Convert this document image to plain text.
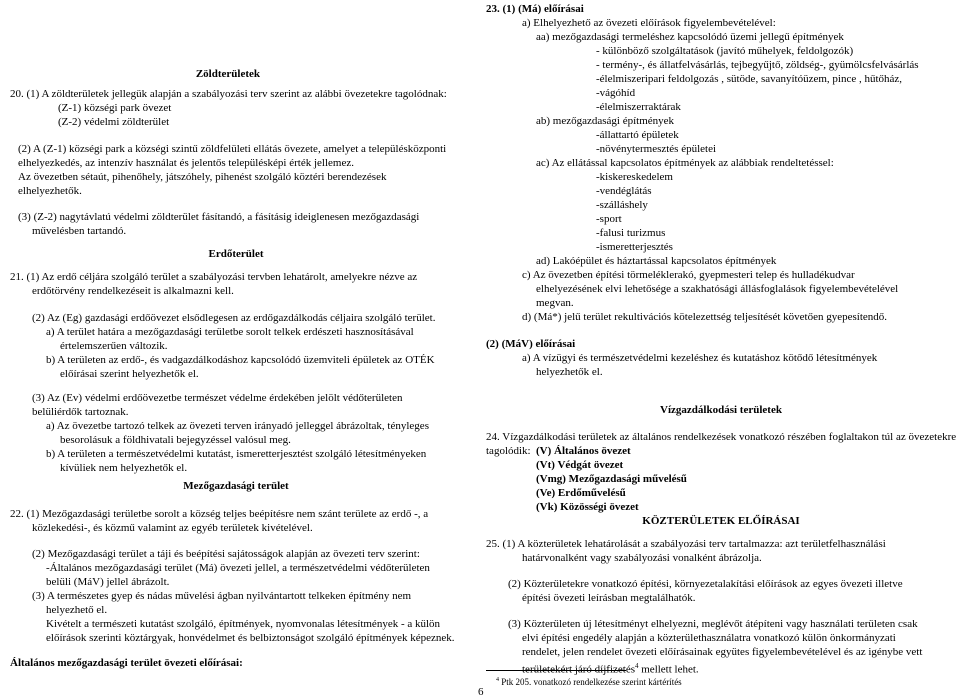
Zöldterületek
20. (1) A zöldterületek jellegük alapján a szabályozási terv szerint az alábbi övezetekre tagolódnak:
(Z-1) községi park övezet
(Z-2) védelmi zöldterület
(2) A (Z-1) községi park a községi szintű zöldfelületi ellátás övezete, amelyet a településközponti
elhelyezkedés, az intenzív használat és jelentős településképi érték jellemez.
Az övezetben sétaút, pihenőhely, játszóhely, pihenést szolgáló köztéri berendezések
elhelyezhetők.
(3) (Z-2) nagytávlatú védelmi zöldterület fásítandó, a fásításig ideiglenesen mezőgazdasági
művelésben tartandó.
Erdőterület
21. (1) Az erdő céljára szolgáló terület a szabályozási tervben lehatárolt, amelyekre nézve az
erdőtörvény rendelkezéseit is alkalmazni kell.
(2) Az (Eg) gazdasági erdőövezet elsődlegesen az erdőgazdálkodás céljaira szolgáló terület.
a) A terület határa a mezőgazdasági területbe sorolt telkek erdészeti hasznosításával
értelemszerűen változik.
b) A területen az erdő-, és vadgazdálkodáshoz kapcsolódó üzemviteli épületek az OTÉK
előírásai szerint helyezhetők el.
(3) Az (Ev) védelmi erdőövezetbe természet védelme érdekében jelölt védőterületen
belüliérdők tartoznak.
a) Az övezetbe tartozó telkek az övezeti terven irányadó jelleggel ábrázoltak, tényleges
besorolásuk a földhivatali bejegyzéssel valósul meg.
b) A területen a természetvédelmi kutatást, ismeretterjesztést szolgáló létesítményeken
kívüliek nem helyezhetők el.
Mezőgazdasági terület
22. (1) Mezőgazdasági területbe sorolt a község teljes beépítésre nem szánt területe az erdő -, a
közlekedési-, és közmű valamint az egyéb területek kivételével.
(2) Mezőgazdasági terület a táji és beépítési sajátosságok alapján az övezeti terv szerint:
-Általános mezőgazdasági terület (Má) övezeti jellel, a természetvédelmi védőterületen
belüli (MáV) jellel ábrázolt.
(3) A természetes gyep és nádas művelési ágban nyilvántartott telkeken építmény nem
helyezhető el.
Kivételt a természeti kutatást szolgáló, építmények, nyomvonalas létesítmények - a külön
előírások szerinti köztárgyak, honvédelmet és belbiztonságot szolgáló építmények képeznek.
Általános mezőgazdasági terület övezeti előírásai:
23. (1) (Má) előírásai
a) Elhelyezhető az övezeti előírások figyelembevételével:
aa) mezőgazdasági termeléshez kapcsolódó üzemi jellegű építmények
- különböző szolgáltatások (javító műhelyek, feldolgozók)
- termény-, és állatfelvásárlás, tejbegyűjtő, zöldség-, gyümölcsfelvásárlás
-élelmiszeripari feldolgozás , sütöde, savanyítóüzem, pince , hűtőház,
-vágóhíd
-élelmiszerraktárak
ab) mezőgazdasági építmények
-állattartó épületek
-növénytermesztés épületei
ac) Az ellátással kapcsolatos építmények az alábbiak rendeltetéssel:
-kiskereskedelem
-vendéglátás
-szálláshely
-sport
-falusi turizmus
-ismeretterjesztés
ad) Lakóépület és háztartással kapcsolatos építmények
c) Az övezetben építési törmeléklerakó, gyepmesteri telep és hulladékudvar
elhelyezésének elvi lehetősége a szakhatósági állásfoglalások figyelembevételével
megvan.
d) (Má*) jelű terület rekultivációs kötelezettség teljesítését követően gyepesítendő.
(2) (MáV) előírásai
a) A vízügyi és természetvédelmi kezeléshez és kutatáshoz kötődő létesítmények
helyezhetők el.
Vízgazdálkodási területek
24. Vízgazdálkodási területek az általános rendelkezések vonatkozó részében foglaltakon túl az övezetekre
tagolódik: (V) Általános övezet
(Vt) Védgát övezet
(Vmg) Mezőgazdasági művelésű
(Ve) Erdőművelésű
(Vk) Közösségi övezet
KÖZTERÜLETEK ELŐÍRÁSAI
25. (1) A közterületek lehatárolását a szabályozási terv tartalmazza: azt területfelhasználási
határvonalként vagy szabályozási vonalként ábrázolja.
(2) Közterületekre vonatkozó építési, környezetalakítási előírások az egyes övezeti illetve
építési övezeti leírásban megtalálhatók.
(3) Közterületen új létesítményt elhelyezni, meglévőt átépíteni vagy használati területen csak
elvi építési engedély alapján a közterülethasználatra vonatkozó külön önkormányzati
rendelet, jelen rendelet övezeti előírásainak együtes figyelembevételével és az igénybe vett
területekért járó díjfizetés$^4$ mellett lehet.
$^4$ Ptk 205. vonatkozó rendelkezése szerint kártérítés
6
